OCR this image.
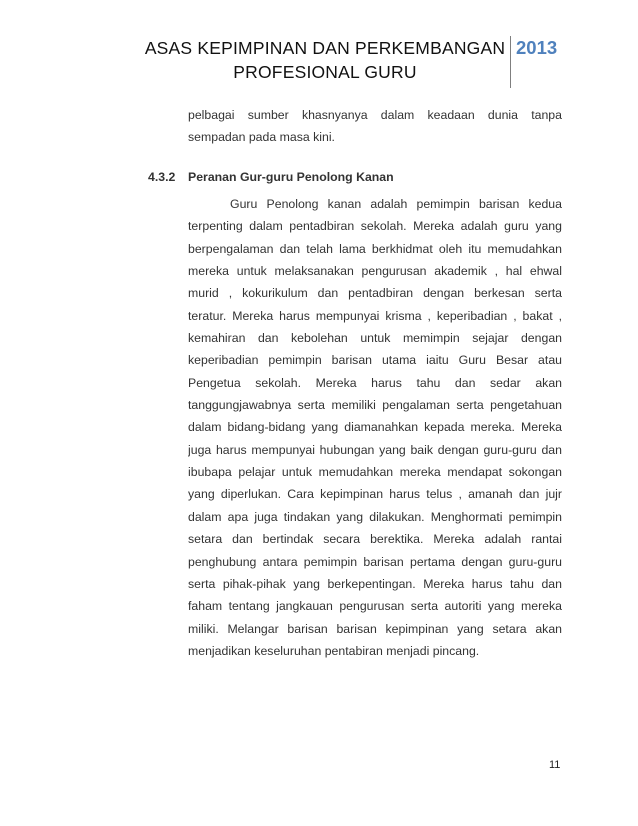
ASAS KEPIMPINAN DAN PERKEMBANGAN
PROFESIONAL GURU
2013
pelbagai sumber khasnyanya dalam keadaan dunia tanpa
sempadan pada masa kini.
4.3.2 Peranan Gur-guru Penolong Kanan
Guru Penolong kanan adalah pemimpin barisan kedua
terpenting dalam pentadbiran sekolah. Mereka adalah guru yang
berpengalaman dan telah lama berkhidmat oleh itu memudahkan
mereka untuk melaksanakan pengurusan akademik , hal ehwal
murid , kokurikulum dan pentadbiran dengan berkesan serta
teratur. Mereka harus mempunyai krisma , keperibadian , bakat ,
kemahiran dan kebolehan untuk memimpin sejajar dengan
keperibadian pemimpin barisan utama iaitu Guru Besar atau
Pengetua sekolah. Mereka harus tahu dan sedar akan
tanggungjawabnya serta memiliki pengalaman serta pengetahuan
dalam bidang-bidang yang diamanahkan kepada mereka. Mereka
juga harus mempunyai hubungan yang baik dengan guru-guru dan
ibubapa pelajar untuk memudahkan mereka mendapat sokongan
yang diperlukan. Cara kepimpinan harus telus , amanah dan jujr
dalam apa juga tindakan yang dilakukan. Menghormati pemimpin
setara dan bertindak secara berektika. Mereka adalah rantai
penghubung antara pemimpin barisan pertama dengan guru-guru
serta pihak-pihak yang berkepentingan. Mereka harus tahu dan
faham tentang jangkauan pengurusan serta autoriti yang mereka
miliki. Melangar barisan barisan kepimpinan yang setara akan
menjadikan keseluruhan pentabiran menjadi pincang.
11
